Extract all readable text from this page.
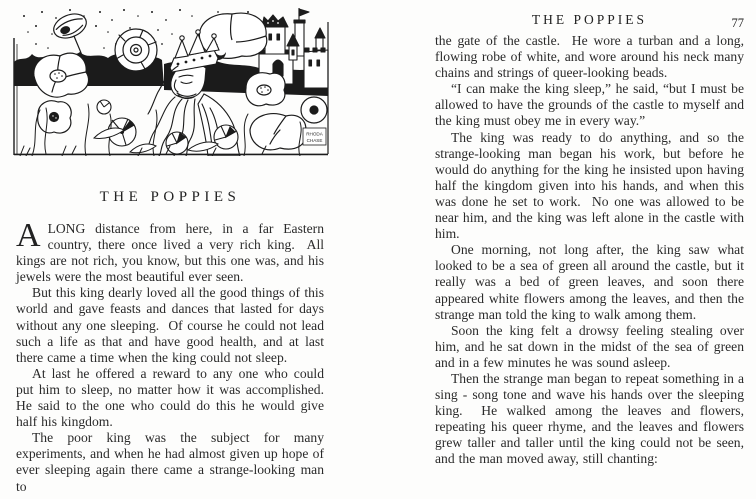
RHODA
CHASE
THE POPPIES

ALONG distance from here, in a far Eastern country, there once lived a very rich king.  All kings are not rich, you know, but this one was, and his jewels were the most beautiful ever seen.

But this king dearly loved all the good things of this world and gave feasts and dances that lasted for days without any one sleeping.  Of course he could not lead such a life as that and have good health, and at last there came a time when the king could not sleep.

At last he offered a reward to any one who could put him to sleep, no matter how it was accomplished.  He said to the one who could do this he would give half his kingdom.

The poor king was the subject for many experiments, and when he had almost given up hope of ever sleeping again there came a strange-looking man to

THE POPPIES	77

the gate of the castle.  He wore a turban and a long, flowing robe of white, and wore around his neck many chains and strings of queer-looking beads.

“I can make the king sleep,” he said, “but I must be allowed to have the grounds of the castle to myself and the king must obey me in every way.”

The king was ready to do anything, and so the strange-looking man began his work, but before he would do anything for the king he insisted upon having half the kingdom given into his hands, and when this was done he set to work.  No one was allowed to be near him, and the king was left alone in the castle with him.

One morning, not long after, the king saw what looked to be a sea of green all around the castle, but it really was a bed of green leaves, and soon there appeared white flowers among the leaves, and then the strange man told the king to walk among them.

Soon the king felt a drowsy feeling stealing over him, and he sat down in the midst of the sea of green and in a few minutes he was sound asleep.

Then the strange man began to repeat something in a sing - song tone and wave his hands over the sleeping king.  He walked among the leaves and flowers, repeating his queer rhyme, and the leaves and flowers grew taller and taller until the king could not be seen, and the man moved away, still chanting:
